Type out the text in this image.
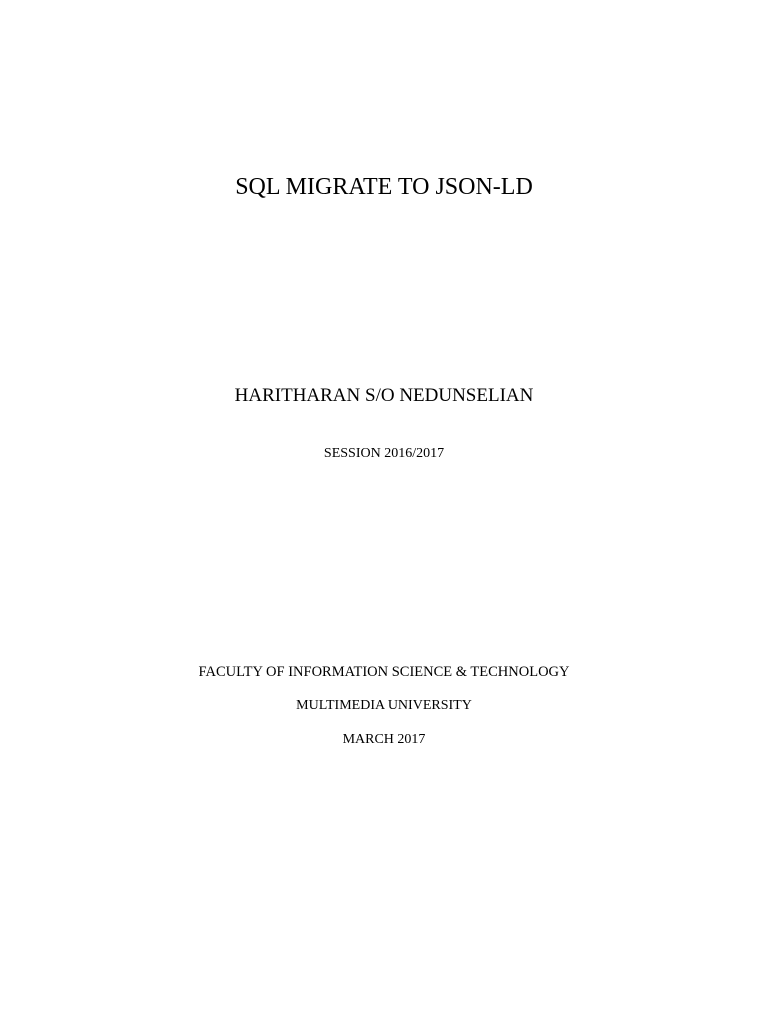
SQL MIGRATE TO JSON-LD
HARITHARAN S/O NEDUNSELIAN
SESSION 2016/2017
FACULTY OF INFORMATION SCIENCE & TECHNOLOGY
MULTIMEDIA UNIVERSITY
MARCH 2017
